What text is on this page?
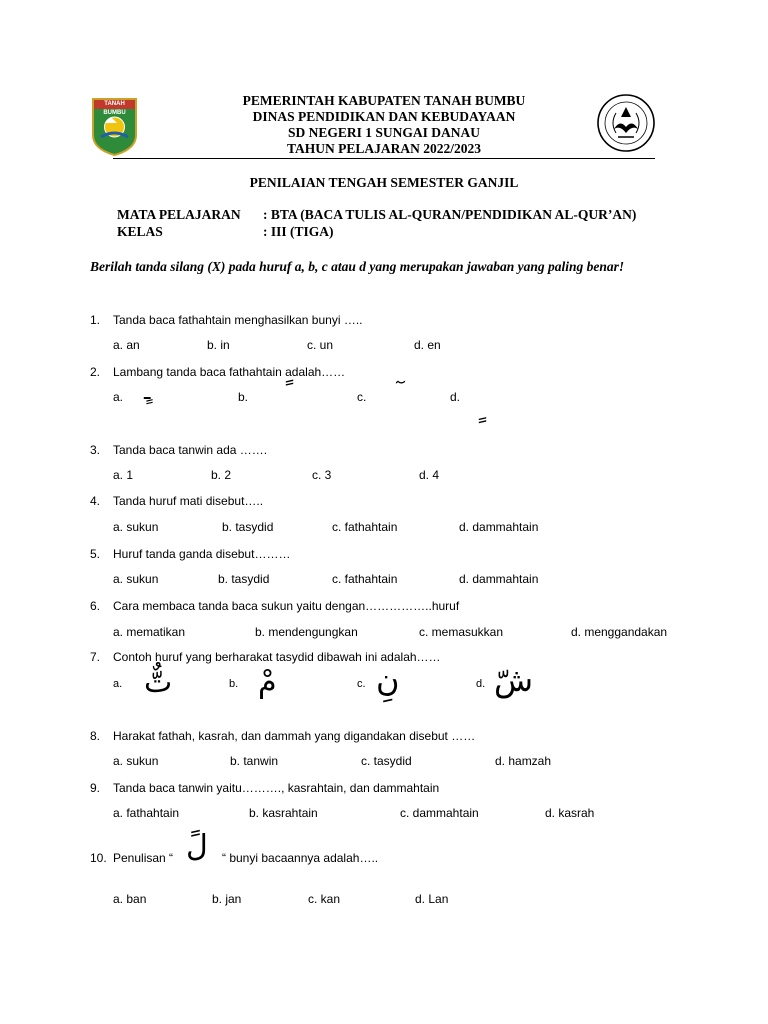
TANAH BUMBU
PEMERINTAH KABUPATEN TANAH BUMBU
DINAS PENDIDIKAN DAN KEBUDAYAAN
SD NEGERI 1 SUNGAI DANAU
TAHUN PELAJARAN 2022/2023
PENILAIAN TENGAH SEMESTER GANJIL
MATA PELAJARAN : BTA (BACA TULIS AL-QURAN/PENDIDIKAN AL-QUR’AN)
KELAS	: III (TIGA)
Berilah tanda silang (X) pada huruf a, b, c atau d yang merupakan jawaban yang paling benar!
1. Tanda baca fathahtain menghasilkan bunyi …..
a. an	b. in	c. un	d. en
2. Lambang tanda baca fathahtain adalah……
a. ٍـ	b.	c.	d.
3. Tanda baca tanwin ada …….
a. 1	b. 2	c. 3	d. 4
4. Tanda huruf mati disebut…..
a. sukun	b. tasydid	c. fathahtain	d. dammahtain
5. Huruf tanda ganda disebut………
a. sukun	b. tasydid	c. fathahtain	d. dammahtain
6. Cara membaca tanda baca sukun yaitu dengan……………..huruf
a. mematikan	b. mendengungkan	c. memasukkan	d. menggandakan
7. Contoh huruf yang berharakat tasydid dibawah ini adalah……
a. تٌّ	b. مْ	c. نِ	d. شّ
8. Harakat fathah, kasrah, dan dammah yang digandakan disebut ……
a. sukun	b. tanwin	c. tasydid	d. hamzah
9. Tanda baca tanwin yaitu………., kasrahtain, dan dammahtain
a. fathahtain	b. kasrahtain	c. dammahtain	d. kasrah
10. Penulisan “ لً “ bunyi bacaannya adalah…..
a. ban	b. jan	c. kan	d. Lan
